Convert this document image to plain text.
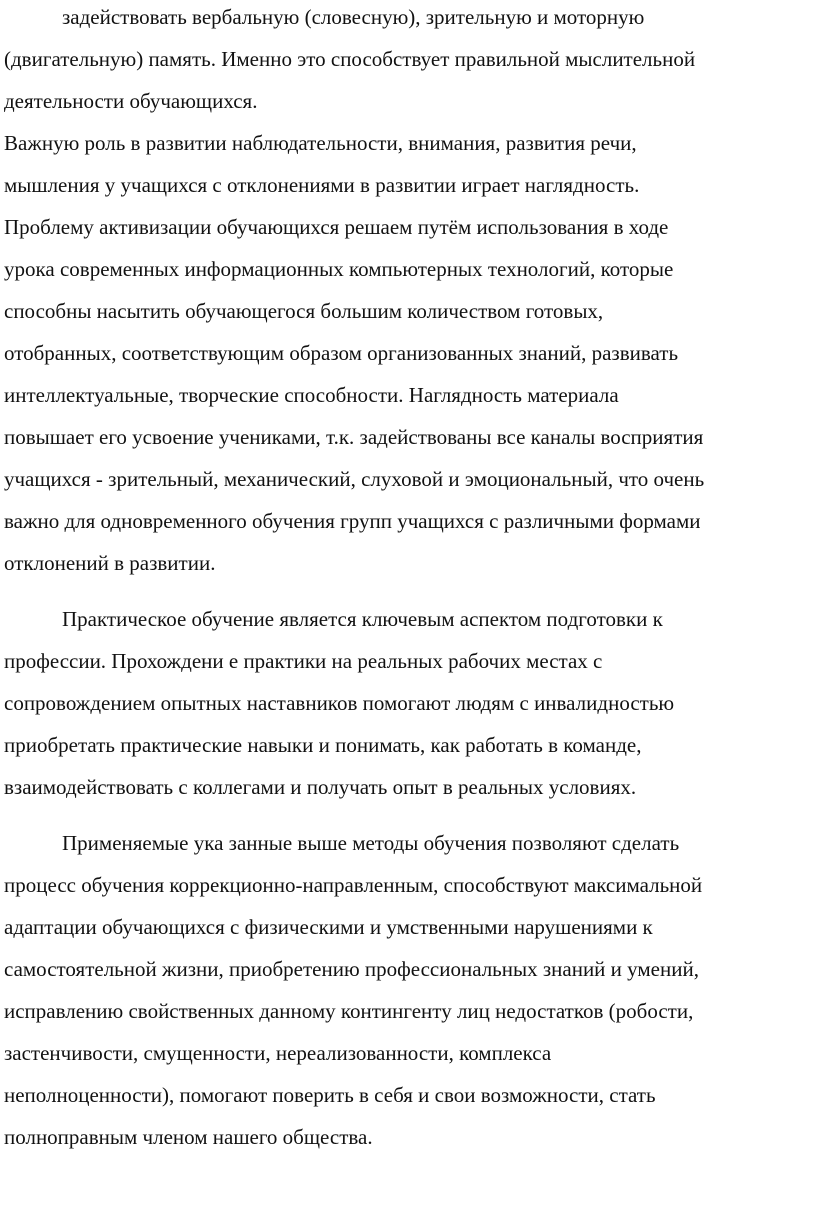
задействовать вербальную (словесную), зрительную и моторную
(двигательную) память. Именно это способствует правильной мыслительной
деятельности обучающихся.
Важную роль в развитии наблюдательности, внимания, развития речи,
мышления у учащихся с отклонениями в развитии играет наглядность.
Проблему активизации обучающихся решаем путём использования в ходе
урока современных информационных компьютерных технологий, которые
способны насытить обучающегося большим количеством готовых,
отобранных, соответствующим образом организованных знаний, развивать
интеллектуальные, творческие способности. Наглядность материала
повышает его усвоение учениками, т.к. задействованы все каналы восприятия
учащихся - зрительный, механический, слуховой и эмоциональный, что очень
важно для одновременного обучения групп учащихся с различными формами
отклонений в развитии.
Практическое обучение является ключевым аспектом подготовки к
профессии. Прохождени е практики на реальных рабочих местах с
сопровождением опытных наставников помогают людям с инвалидностью
приобретать практические навыки и понимать, как работать в команде,
взаимодействовать с коллегами и получать опыт в реальных условиях.
Применяемые ука занные выше методы обучения позволяют сделать
процесс обучения коррекционно-направленным, способствуют максимальной
адаптации обучающихся с физическими и умственными нарушениями к
самостоятельной жизни, приобретению профессиональных знаний и умений,
исправлению свойственных данному контингенту лиц недостатков (робости,
застенчивости, смущенности, нереализованности, комплекса
неполноценности), помогают поверить в себя и свои возможности, стать
полноправным членом нашего общества.
